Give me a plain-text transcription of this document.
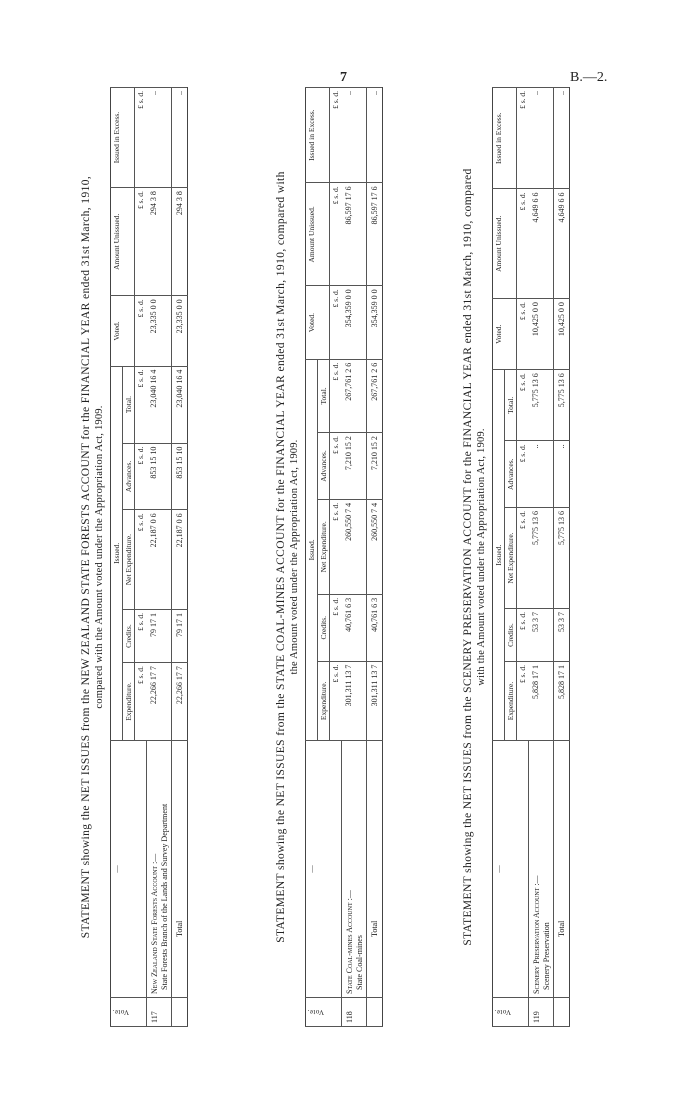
7	B.—2.
STATEMENT showing the NET ISSUES from the NEW ZEALAND STATE FORESTS ACCOUNT for the FINANCIAL YEAR ended 31st March, 1910, compared with the Amount voted under the Appropriation Act, 1909.
Vote.	—	Issued.					Voted.	Amount Unissued.	Issued in Excess.
		Expenditure.	Credits.	Net Expenditure.	Advances.	Total.			
		£ s. d.	£ s. d.	£ s. d.	£ s. d.	£ s. d.	£ s. d.	£ s. d.	£ s. d.
117	New Zealand State Forests Account :—
State Forests Branch of the Lands and Survey Department	22,266 17 7	79 17 1	22,187 0 6	853 15 10	23,040 16 4	23,335 0 0	294 3 8	..
	Total	22,266 17 7	79 17 1	22,187 0 6	853 15 10	23,040 16 4	23,335 0 0	294 3 8	..
STATEMENT showing the NET ISSUES from the STATE COAL-MINES ACCOUNT for the FINANCIAL YEAR ended 31st March, 1910, compared with the Amount voted under the Appropriation Act, 1909.
Vote.	—	Issued.					Voted.	Amount Unissued.	Issued in Excess.
		Expenditure.	Credits.	Net Expenditure.	Advances.	Total.			
		£ s. d.	£ s. d.	£ s. d.	£ s. d.	£ s. d.	£ s. d.	£ s. d.	£ s. d.
118	State Coal-mines Account :—
State Coal-mines	301,311 13 7	40,761 6 3	260,550 7 4	7,210 15 2	267,761 2 6	354,359 0 0	86,597 17 6	..
	Total	301,311 13 7	40,761 6 3	260,550 7 4	7,210 15 2	267,761 2 6	354,359 0 0	86,597 17 6	..
STATEMENT showing the NET ISSUES from the SCENERY PRESERVATION ACCOUNT for the FINANCIAL YEAR ended 31st March, 1910, compared with the Amount voted under the Appropriation Act, 1909.
Vote.	—	Issued.					Voted.	Amount Unissued.	Issued in Excess.
		Expenditure.	Credits.	Net Expenditure.	Advances.	Total.			
		£ s. d.	£ s. d.	£ s. d.	£ s. d.	£ s. d.	£ s. d.	£ s. d.	£ s. d.
119	Scenery Preservation Account :—
Scenery Preservation	5,828 17 1	53 3 7	5,775 13 6	..	5,775 13 6	10,425 0 0	4,649 6 6	..
	Total	5,828 17 1	53 3 7	5,775 13 6	..	5,775 13 6	10,425 0 0	4,649 6 6	..
